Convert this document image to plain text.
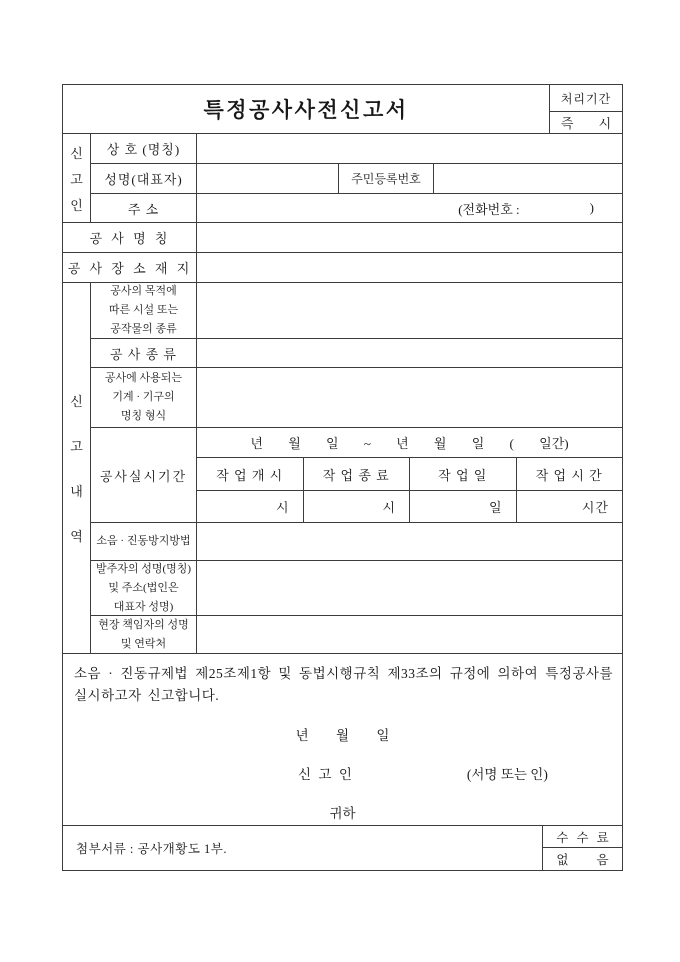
특정공사사전신고서	처리기간
즉 시
신
고
인
상 호 (명칭)
성명(대표자)	주민등록번호
주 소	(전화번호 :	)
공 사 명 칭
공 사 장 소 재 지
신
고
내
역
공사의 목적에
따른 시설 또는
공작물의 종류
공 사 종 류
공사에 사용되는
기계 · 기구의
명칭 형식
공사실시기간
년 월 일 ~ 년 월 일 ( 일간)
작 업 개 시	작 업 종 료	작 업 일	작 업 시 간
시	시	일	시간
소음 · 진동방지방법
발주자의 성명(명칭)
및 주소(법인은
대표자 성명)
현장 책임자의 성명
및 연락처

소음 · 진동규제법 제25조제1항 및 동법시행규칙 제33조의 규정에 의하여 특정공사를 실시하고자 신고합니다.

년 월 일
신 고 인	(서명 또는 인)
귀하
첨부서류 : 공사개황도 1부.
수 수 료
없 음
